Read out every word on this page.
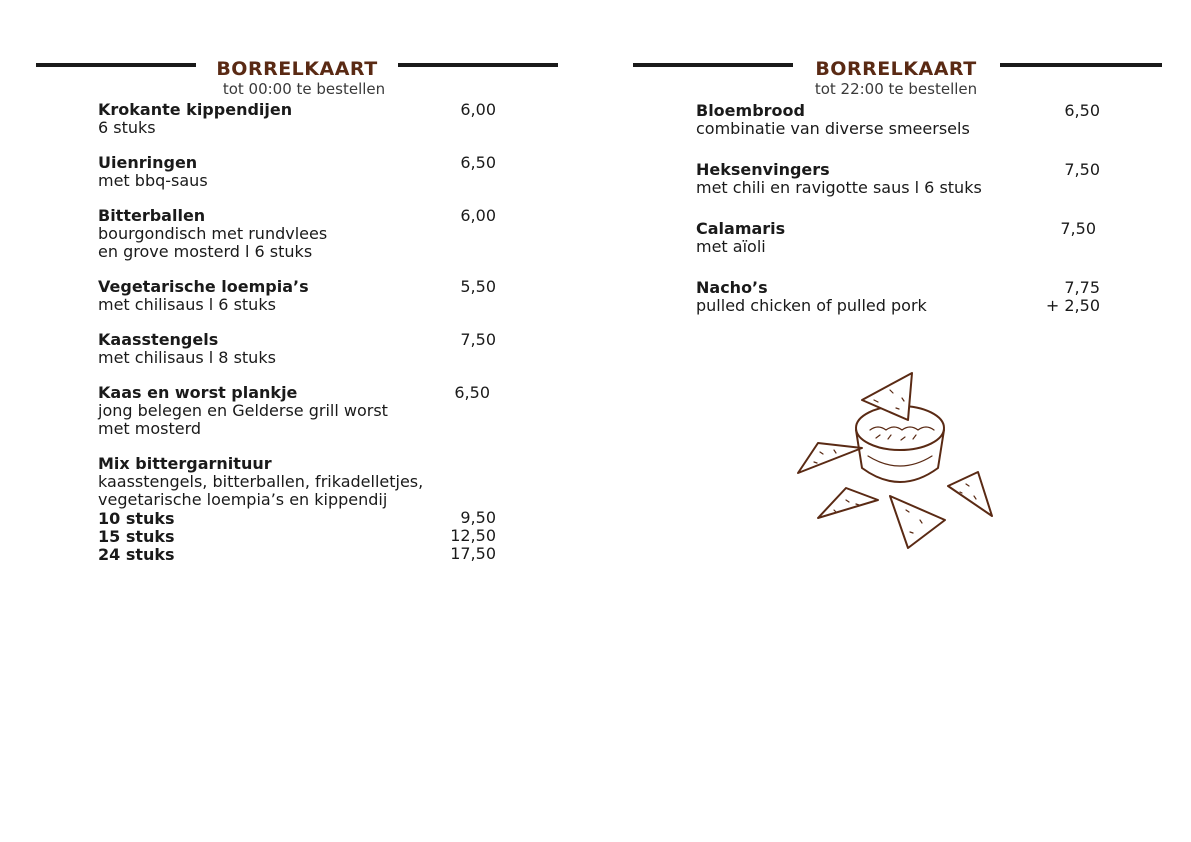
BORRELKAART
tot 00:00 te bestellen
Krokante kippendijen
6 stuks
6,00
Uienringen
met bbq-saus
6,50
Bitterballen
bourgondisch met rundvlees
en grove mosterd l 6 stuks
6,00
Vegetarische loempia’s
met chilisaus l 6 stuks
5,50
Kaasstengels
met chilisaus l 8 stuks
7,50
Kaas en worst plankje
jong belegen en Gelderse grill worst
met mosterd
6,50
Mix bittergarnituur
kaasstengels, bitterballen, frikadelletjes,
vegetarische loempia’s en kippendij
10 stuks	9,50
15 stuks	12,50
24 stuks	17,50
BORRELKAART
tot 22:00 te bestellen
Bloembrood
combinatie van diverse smeersels
6,50
Heksenvingers
met chili en ravigotte saus l 6 stuks
7,50
Calamaris
met aïoli
7,50
Nacho’s
pulled chicken of pulled pork
7,75
+ 2,50
